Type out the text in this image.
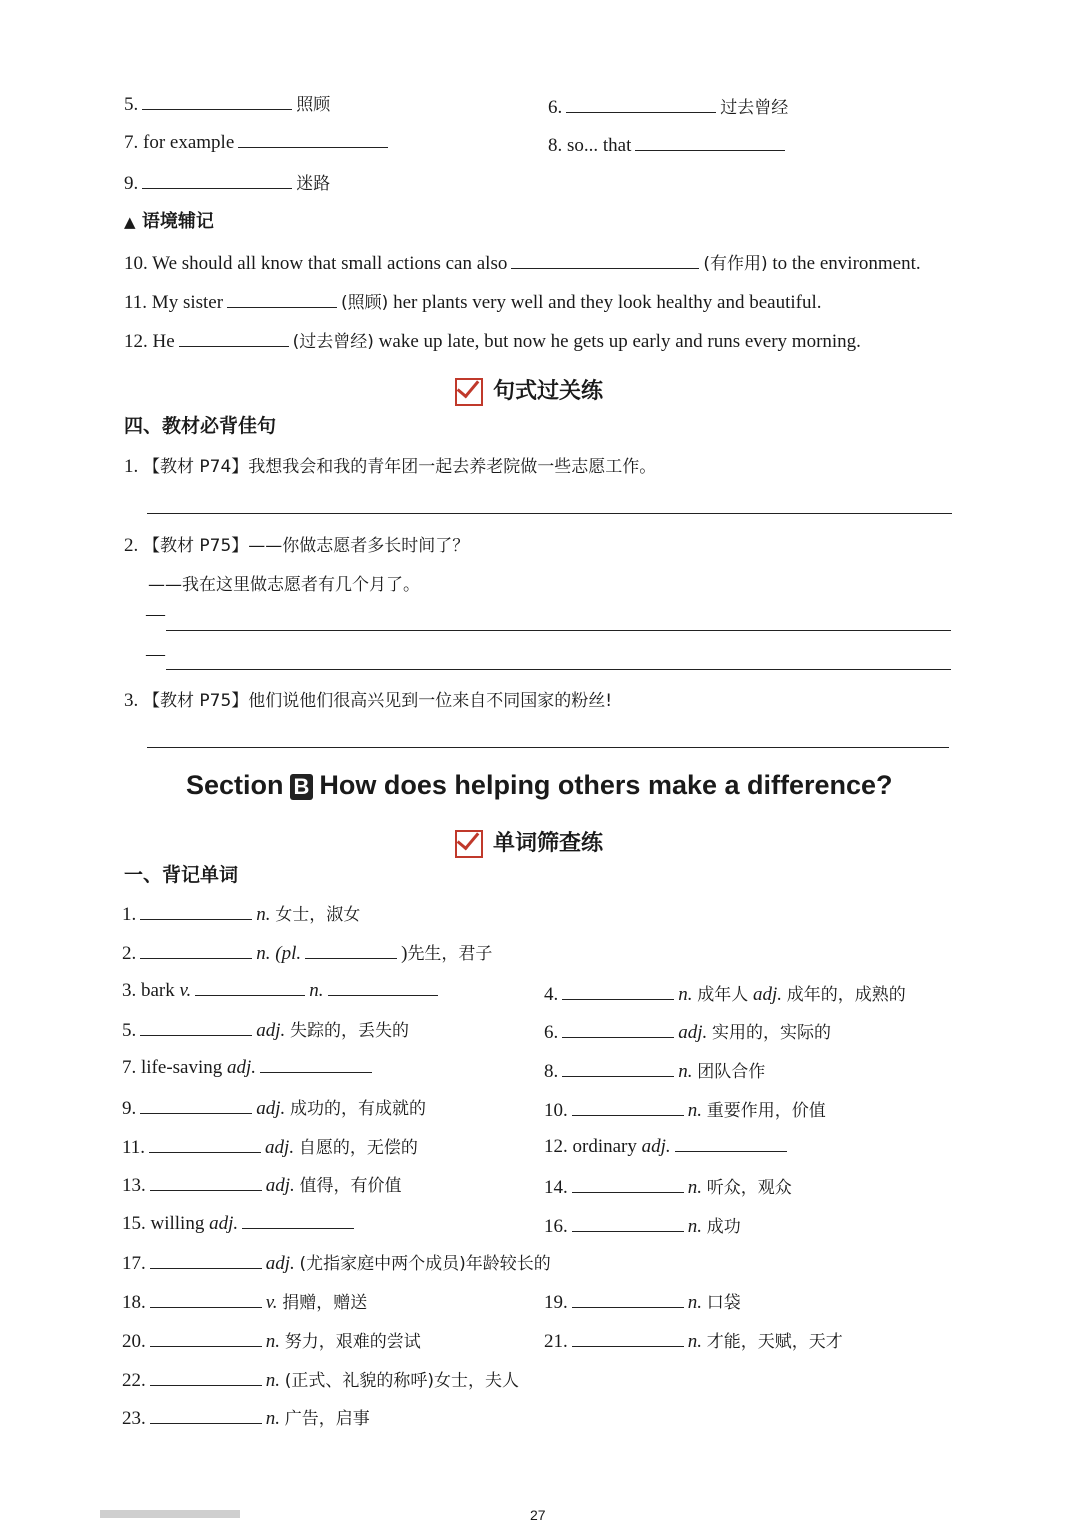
5.	照顾	6.	过去曾经
7. for example	8. so... that
9.	迷路
▲ 语境辅记
10. We should all know that small actions can also	(有作用) to the environment.
11. My sister	(照顾) her plants very well and they look healthy and beautiful.
12. He	(过去曾经) wake up late, but now he gets up early and runs every morning.
句式过关练
四、教材必背佳句
1. 【教材 P74】我想我会和我的青年团一起去养老院做一些志愿工作。
2. 【教材 P75】——你做志愿者多长时间了？
——我在这里做志愿者有几个月了。
—
—
3. 【教材 P75】他们说他们很高兴见到一位来自不同国家的粉丝!
Section B How does helping others make a difference?
单词筛查练
一、背记单词
1.	n. 女士，淑女
2.	n. (pl.	)先生，君子
3. bark v.	n.	4.	n. 成年人 adj. 成年的，成熟的
5.	adj. 失踪的，丢失的	6.	adj. 实用的，实际的
7. life-saving adj.	8.	n. 团队合作
9.	adj. 成功的，有成就的	10.	n. 重要作用，价值
11.	adj. 自愿的，无偿的	12. ordinary adj.
13.	adj. 值得，有价值	14.	n. 听众，观众
15. willing adj.	16.	n. 成功
17.	adj. (尤指家庭中两个成员)年龄较长的
18.	v. 捐赠，赠送	19.	n. 口袋
20.	n. 努力，艰难的尝试	21.	n. 才能，天赋，天才
22.	n. (正式、礼貌的称呼)女士，夫人
23.	n. 广告，启事
27
